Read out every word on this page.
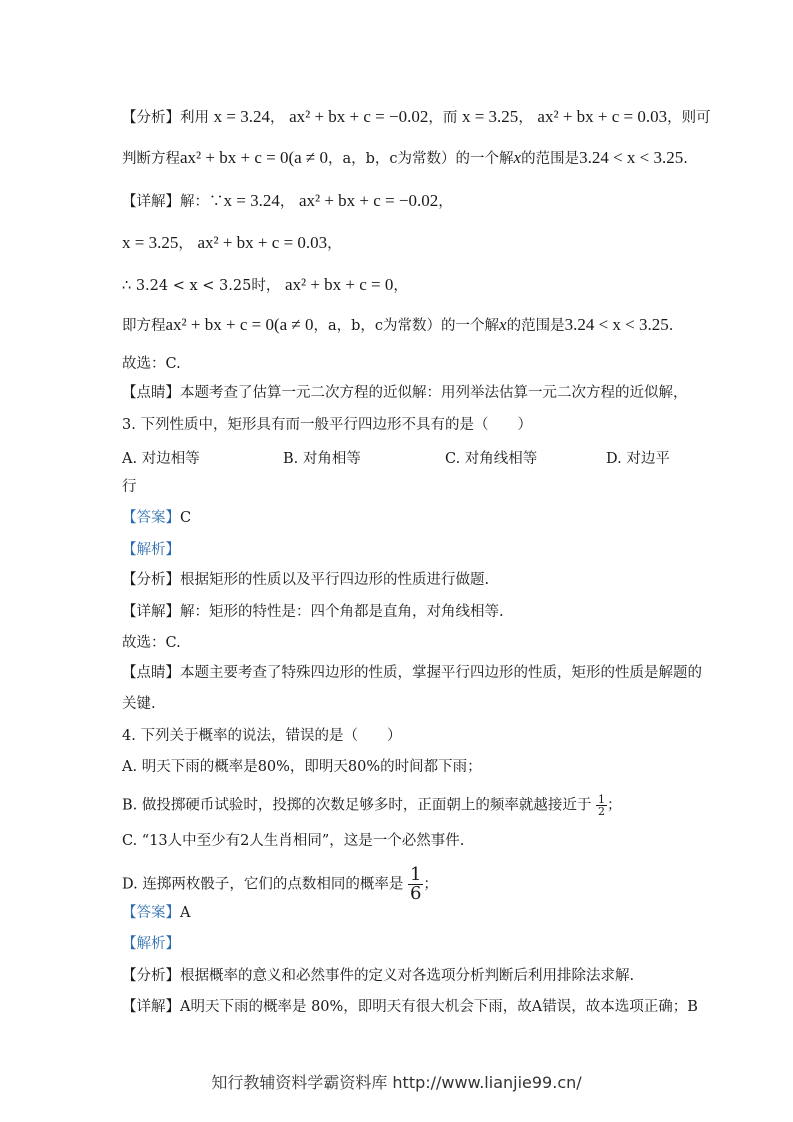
【分析】利用 x = 3.24， ax² + bx + c = −0.02，而 x = 3.25， ax² + bx + c = 0.03，则可
判断方程ax² + bx + c = 0(a ≠ 0，a，b，c为常数）的一个解x的范围是3.24 < x < 3.25.
【详解】解：∵x = 3.24， ax² + bx + c = −0.02，
x = 3.25， ax² + bx + c = 0.03，
∴ 3.24 < x < 3.25时， ax² + bx + c = 0，
即方程ax² + bx + c = 0(a ≠ 0，a，b，c为常数）的一个解x的范围是3.24 < x < 3.25.
故选：C.
【点睛】本题考查了估算一元二次方程的近似解：用列举法估算一元二次方程的近似解，
3. 下列性质中，矩形具有而一般平行四边形不具有的是（　　）
A. 对边相等	B. 对角相等	C. 对角线相等	D. 对边平
行
【答案】C
【解析】
【分析】根据矩形的性质以及平行四边形的性质进行做题.
【详解】解：矩形的特性是：四个角都是直角，对角线相等.
故选：C.
【点睛】本题主要考查了特殊四边形的性质，掌握平行四边形的性质，矩形的性质是解题的
关键.
4. 下列关于概率的说法，错误的是（　　）
A. 明天下雨的概率是80%，即明天80%的时间都下雨；
B. 做投掷硬币试验时，投掷的次数足够多时，正面朝上的频率就越接近于 $\frac{1}{2}$ ；
C. “13人中至少有2人生肖相同”，这是一个必然事件.
D. 连掷两枚骰子，它们的点数相同的概率是 $\frac{1}{6}$ ；
【答案】A
【解析】
【分析】根据概率的意义和必然事件的定义对各选项分析判断后利用排除法求解.
【详解】A明天下雨的概率是 80%，即明天有很大机会下雨，故A错误，故本选项正确；B
知行教辅资料学霸资料库 http://www.lianjie99.cn/
